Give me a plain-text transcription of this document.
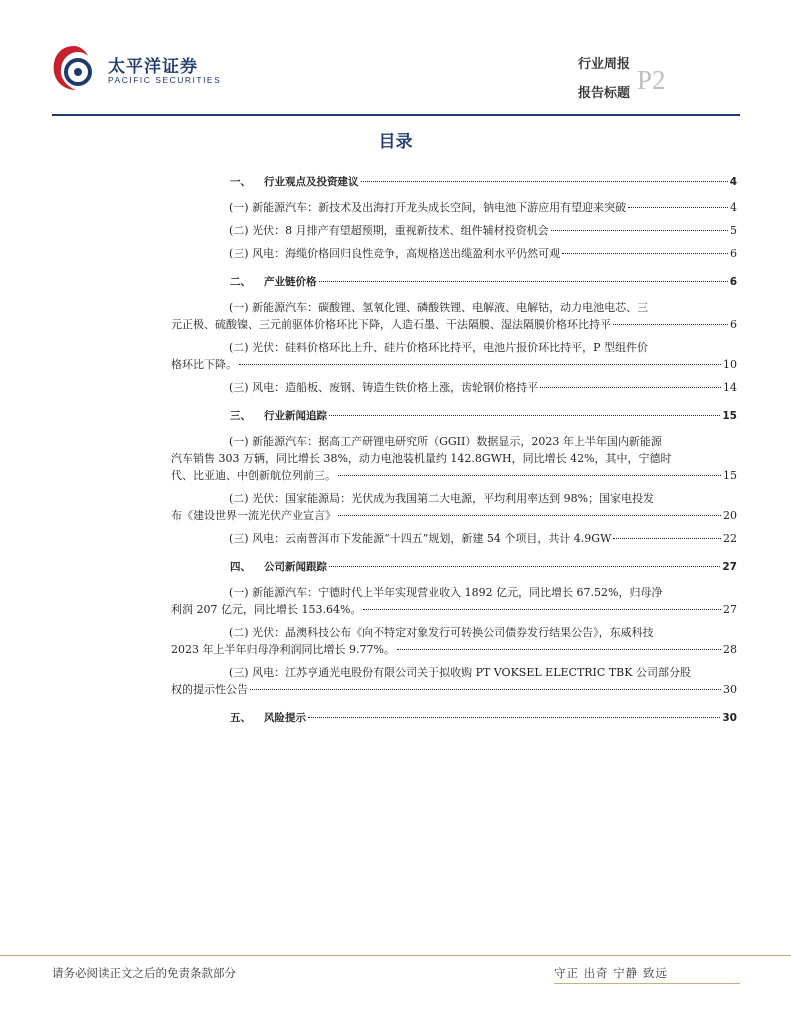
太平洋证券
PACIFIC SECURITIES
行业周报
P2
报告标题
目录
一、	行业观点及投资建议	4
(一) 新能源汽车：新技术及出海打开龙头成长空间，钠电池下游应用有望迎来突破	4
(二) 光伏：8 月排产有望超预期，重视新技术、组件辅材投资机会	5
(三) 风电：海缆价格回归良性竞争，高规格送出缆盈利水平仍然可观	6
二、	产业链价格	6
(一) 新能源汽车：碳酸锂、氢氧化锂、磷酸铁锂、电解液、电解钴，动力电池电芯、三
元正极、硫酸镍、三元前驱体价格环比下降，人造石墨、干法隔膜、湿法隔膜价格环比持平	6
(二) 光伏：硅料价格环比上升、硅片价格环比持平，电池片报价环比持平，P 型组件价
格环比下降。	10
(三) 风电：造船板、废钢、铸造生铁价格上涨，齿轮钢价格持平	14
三、	行业新闻追踪	15
(一) 新能源汽车：据高工产研锂电研究所（GGII）数据显示，2023 年上半年国内新能源
汽车销售 303 万辆，同比增长 38%，动力电池装机量约 142.8GWH，同比增长 42%，其中，宁德时
代、比亚迪、中创新航位列前三。	15
(二) 光伏：国家能源局：光伏成为我国第二大电源，平均利用率达到 98%；国家电投发
布《建设世界一流光伏产业宣言》	20
(三) 风电：云南普洱市下发能源“十四五”规划，新建 54 个项目，共计 4.9GW	22
四、	公司新闻跟踪	27
(一) 新能源汽车：宁德时代上半年实现营业收入 1892 亿元，同比增长 67.52%，归母净
利润 207 亿元，同比增长 153.64%。	27
(二) 光伏：晶澳科技公布《向不特定对象发行可转换公司债券发行结果公告》，东威科技
2023 年上半年归母净利润同比增长 9.77%。	28
(三) 风电：江苏亨通光电股份有限公司关于拟收购 PT VOKSEL ELECTRIC TBK 公司部分股
权的提示性公告	30
五、	风险提示	30
请务必阅读正文之后的免责条款部分	守正 出奇 宁静 致远
